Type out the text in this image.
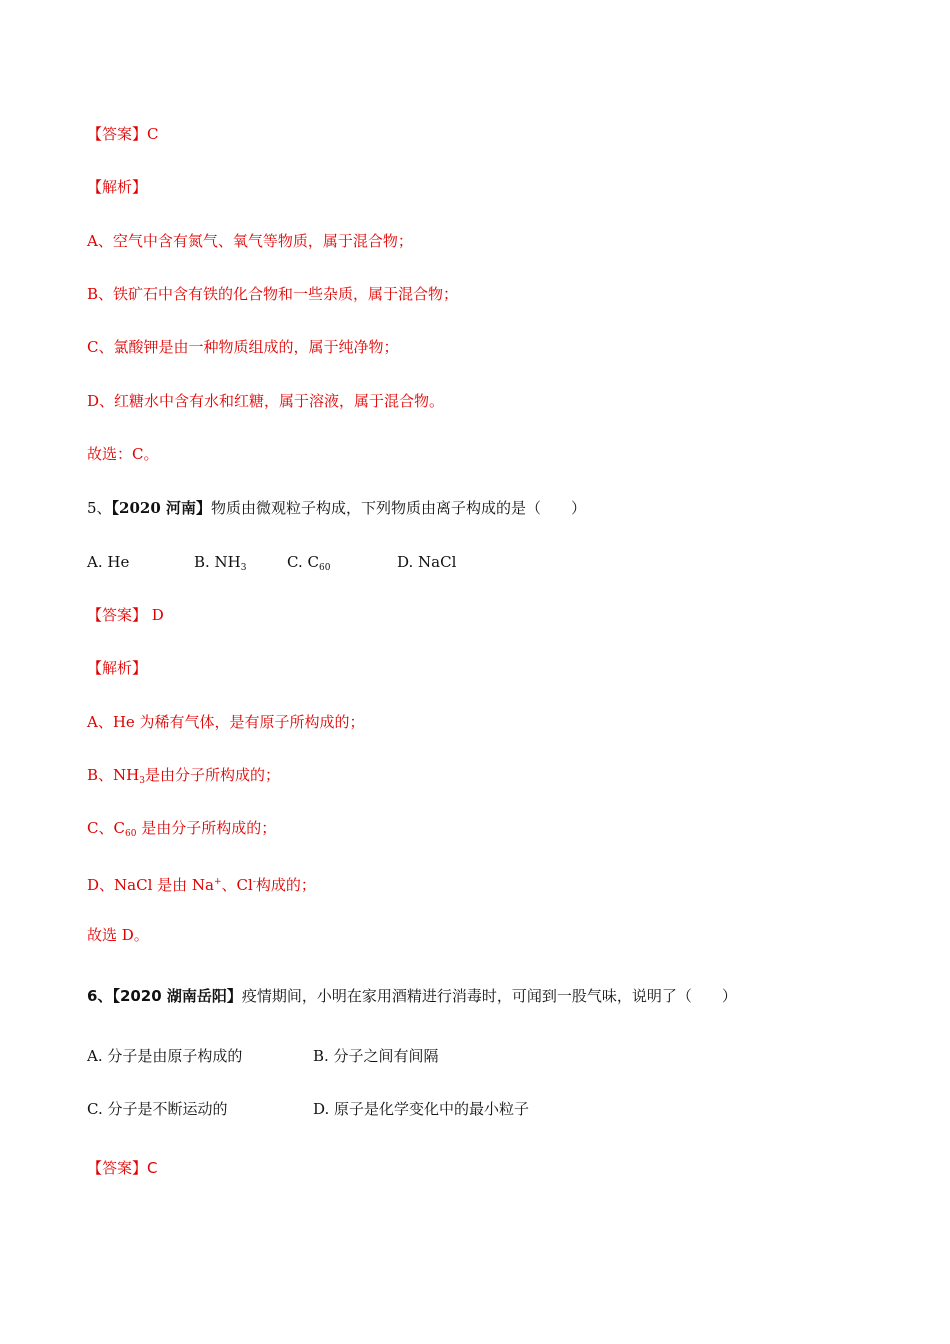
【答案】C
【解析】
A、空气中含有氮气、氧气等物质，属于混合物；
B、铁矿石中含有铁的化合物和一些杂质，属于混合物；
C、氯酸钾是由一种物质组成的，属于纯净物；
D、红糖水中含有水和红糖，属于溶液，属于混合物。
故选：C。
5、【2020 河南】物质由微观粒子构成，下列物质由离子构成的是（　　）
A. He	B. $NH_3$	C. $C_{60}$	D. NaCl
【答案】 D
【解析】
A、He 为稀有气体，是有原子所构成的；
B、$NH_3$是由分子所构成的；
C、$C_{60}$ 是由分子所构成的；
D、NaCl 是由 Na+、Cl-构成的；
故选 D。
6、【2020 湖南岳阳】疫情期间，小明在家用酒精进行消毒时，可闻到一股气味，说明了（　　）
A. 分子是由原子构成的	B. 分子之间有间隔
C. 分子是不断运动的	D. 原子是化学变化中的最小粒子
【答案】C
